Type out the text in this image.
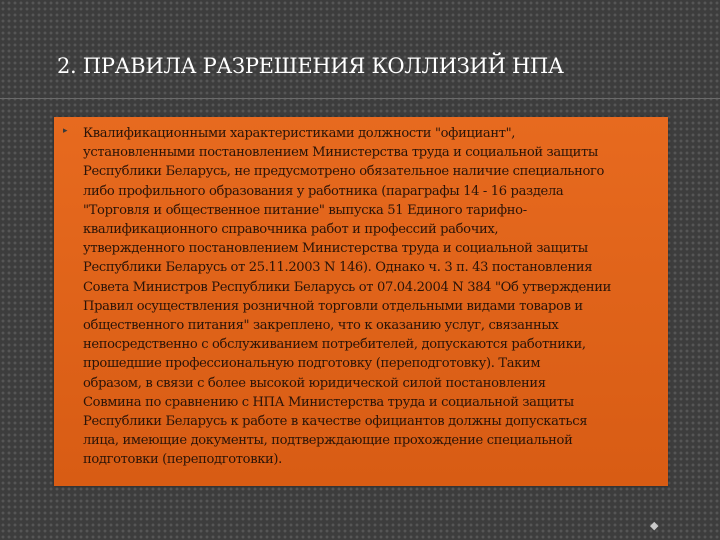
2. ПРАВИЛА РАЗРЕШЕНИЯ КОЛЛИЗИЙ НПА
▸ Квалификационными характеристиками должности "официант",
установленными постановлением Министерства труда и социальной защиты
Республики Беларусь, не предусмотрено обязательное наличие специального
либо профильного образования у работника (параграфы 14 - 16 раздела
"Торговля и общественное питание" выпуска 51 Единого тарифно-
квалификационного справочника работ и профессий рабочих,
утвержденного постановлением Министерства труда и социальной защиты
Республики Беларусь от 25.11.2003 N 146). Однако ч. 3 п. 43 постановления
Совета Министров Республики Беларусь от 07.04.2004 N 384 "Об утверждении
Правил осуществления розничной торговли отдельными видами товаров и
общественного питания" закреплено, что к оказанию услуг, связанных
непосредственно с обслуживанием потребителей, допускаются работники,
прошедшие профессиональную подготовку (переподготовку). Таким
образом, в связи с более высокой юридической силой постановления
Совмина по сравнению с НПА Министерства труда и социальной защиты
Республики Беларусь к работе в качестве официантов должны допускаться
лица, имеющие документы, подтверждающие прохождение специальной
подготовки (переподготовки).

◆
